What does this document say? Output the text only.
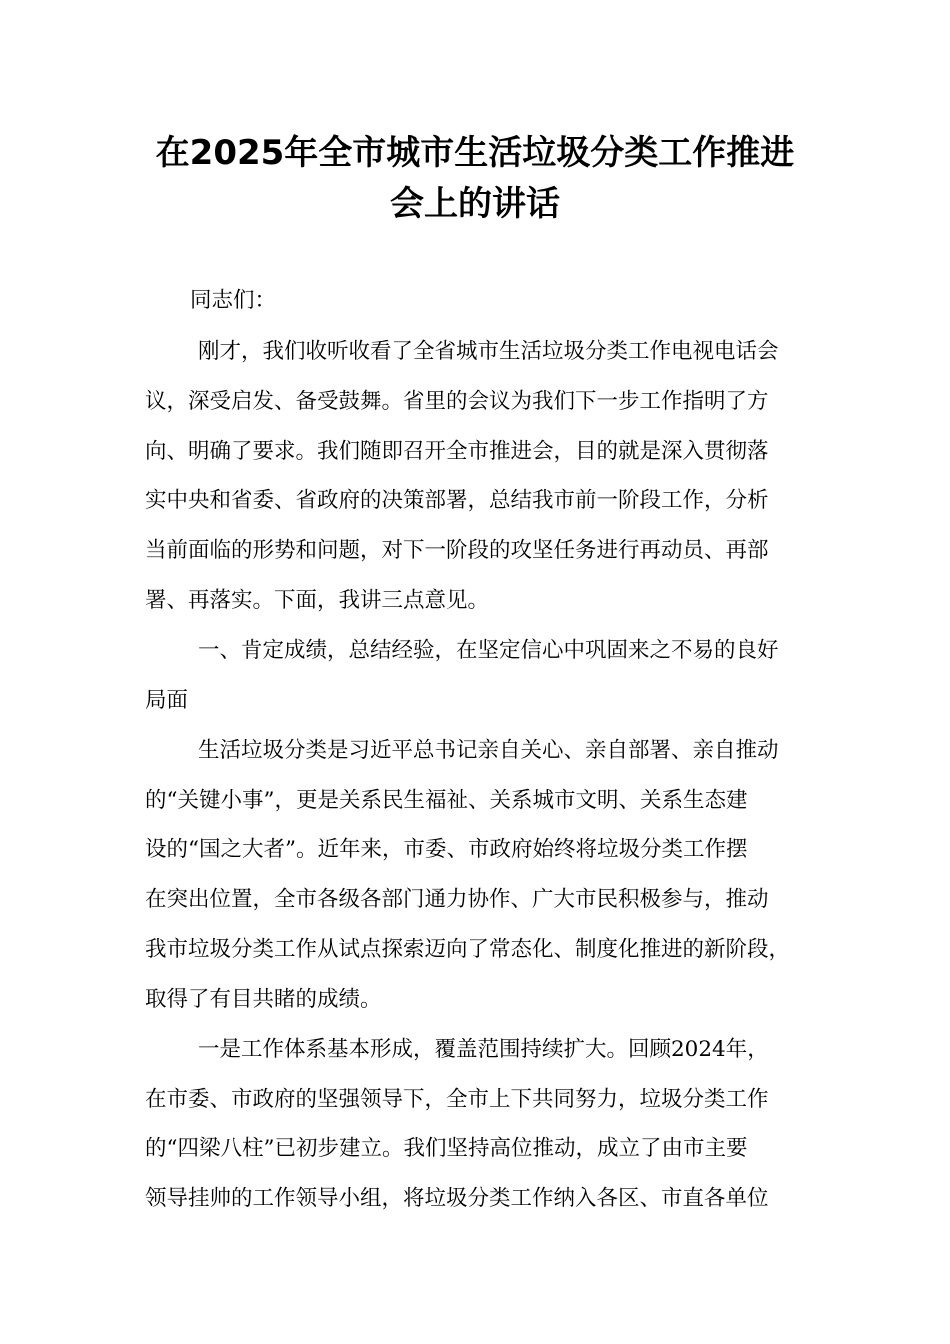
在2025年全市城市生活垃圾分类工作推进
会上的讲话

同志们：

刚才，我们收听收看了全省城市生活垃圾分类工作电视电话会

议，深受启发、备受鼓舞。省里的会议为我们下一步工作指明了方

向、明确了要求。我们随即召开全市推进会，目的就是深入贯彻落

实中央和省委、省政府的决策部署，总结我市前一阶段工作，分析

当前面临的形势和问题，对下一阶段的攻坚任务进行再动员、再部

署、再落实。下面，我讲三点意见。

一、肯定成绩，总结经验，在坚定信心中巩固来之不易的良好

局面

生活垃圾分类是习近平总书记亲自关心、亲自部署、亲自推动

的“关键小事”，更是关系民生福祉、关系城市文明、关系生态建

设的“国之大者”。近年来，市委、市政府始终将垃圾分类工作摆

在突出位置，全市各级各部门通力协作、广大市民积极参与，推动

我市垃圾分类工作从试点探索迈向了常态化、制度化推进的新阶段，

取得了有目共睹的成绩。

一是工作体系基本形成，覆盖范围持续扩大。回顾2024年，

在市委、市政府的坚强领导下，全市上下共同努力，垃圾分类工作

的“四梁八柱”已初步建立。我们坚持高位推动，成立了由市主要

领导挂帅的工作领导小组，将垃圾分类工作纳入各区、市直各单位
